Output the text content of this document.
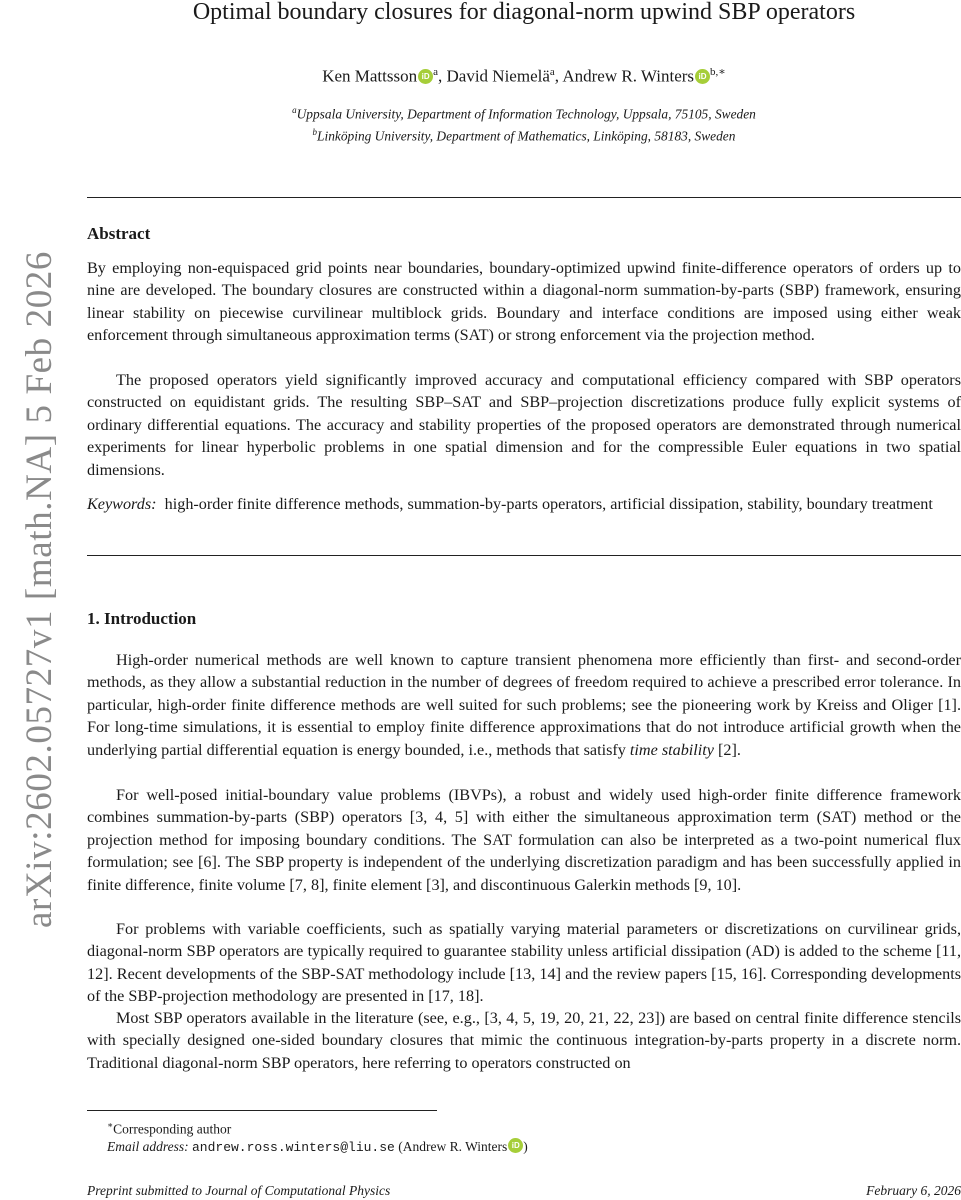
arXiv:2602.05727v1 [math.NA] 5 Feb 2026
Optimal boundary closures for diagonal-norm upwind SBP operators
Ken Mattsson iD $^a$, David Niemelä$^a$, Andrew R. Winters iD $^{b,∗}$
$^a$Uppsala University, Department of Information Technology, Uppsala, 75105, Sweden
$^b$Linköping University, Department of Mathematics, Linköping, 58183, Sweden
Abstract

By employing non-equispaced grid points near boundaries, boundary-optimized upwind finite-difference operators of orders up to nine are developed. The boundary closures are constructed within a diagonal-norm summation-by-parts (SBP) framework, ensuring linear stability on piecewise curvilinear multiblock grids. Boundary and interface conditions are imposed using either weak enforcement through simultaneous approximation terms (SAT) or strong enforcement via the projection method.

The proposed operators yield significantly improved accuracy and computational efficiency compared with SBP operators constructed on equidistant grids. The resulting SBP–SAT and SBP–projection discretizations produce fully explicit systems of ordinary differential equations. The accuracy and stability properties of the proposed operators are demonstrated through numerical experiments for linear hyperbolic problems in one spatial dimension and for the compressible Euler equations in two spatial dimensions.

Keywords: high-order finite difference methods, summation-by-parts operators, artificial dissipation, stability, boundary treatment

1. Introduction

High-order numerical methods are well known to capture transient phenomena more efficiently than first- and second-order methods, as they allow a substantial reduction in the number of degrees of freedom required to achieve a prescribed error tolerance. In particular, high-order finite difference methods are well suited for such problems; see the pioneering work by Kreiss and Oliger [1]. For long-time simulations, it is essential to employ finite difference approximations that do not introduce artificial growth when the underlying partial differential equation is energy bounded, i.e., methods that satisfy time stability [2].

For well-posed initial-boundary value problems (IBVPs), a robust and widely used high-order finite difference framework combines summation-by-parts (SBP) operators [3, 4, 5] with either the simultaneous approximation term (SAT) method or the projection method for imposing boundary conditions. The SAT formulation can also be interpreted as a two-point numerical flux formulation; see [6]. The SBP property is independent of the underlying discretization paradigm and has been successfully applied in finite difference, finite volume [7, 8], finite element [3], and discontinuous Galerkin methods [9, 10].

For problems with variable coefficients, such as spatially varying material parameters or discretizations on curvilinear grids, diagonal-norm SBP operators are typically required to guarantee stability unless artificial dissipation (AD) is added to the scheme [11, 12]. Recent developments of the SBP-SAT methodology include [13, 14] and the review papers [15, 16]. Corresponding developments of the SBP-projection methodology are presented in [17, 18].

Most SBP operators available in the literature (see, e.g., [3, 4, 5, 19, 20, 21, 22, 23]) are based on central finite difference stencils with specially designed one-sided boundary closures that mimic the continuous integration-by-parts property in a discrete norm. Traditional diagonal-norm SBP operators, here referring to operators constructed on

∗Corresponding author
Email address: andrew.ross.winters@liu.se (Andrew R. Winters iD )
Preprint submitted to Journal of Computational Physics	February 6, 2026
